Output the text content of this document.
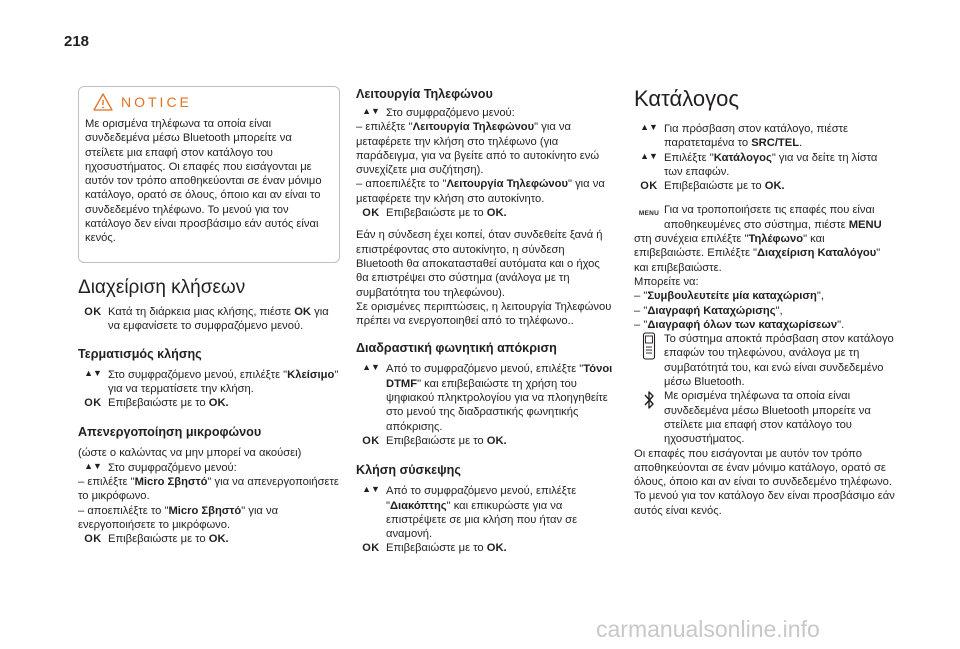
218
NOTICE

Με ορισμένα τηλέφωνα τα οποία είναι συνδεδεμένα μέσω Bluetooth μπορείτε να στείλετε μια επαφή στον κατάλογο του ηχοσυστήματος. Οι επαφές που εισάγονται με αυτόν τον τρόπο αποθηκεύονται σε έναν μόνιμο κατάλογο, ορατό σε όλους, όποιο και αν είναι το συνδεδεμένο τηλέφωνο. Το μενού για τον κατάλογο δεν είναι προσβάσιμο εάν αυτός είναι κενός.

Διαχείριση κλήσεων
OK Κατά τη διάρκεια μιας κλήσης, πιέστε OK για να εμφανίσετε το συμφραζόμενο μενού.

Τερματισμός κλήσης
▲ ▼ Στο συμφραζόμενο μενού, επιλέξτε "Κλείσιμο" για να τερματίσετε την κλήση.

OK Επιβεβαιώστε με το OK.

Απενεργοποίηση μικροφώνου

(ώστε ο καλώντας να μην μπορεί να ακούσει)

▲ ▼ Στο συμφραζόμενο μενού:

– επιλέξτε "Micro Σβηστό" για να απενεργοποιήσετε το μικρόφωνο.

– αποεπιλέξτε το "Micro Σβηστό" για να ενεργοποιήσετε το μικρόφωνο.

OK Επιβεβαιώστε με το OK.

Λειτουργία Τηλεφώνου
▲ ▼ Στο συμφραζόμενο μενού:

– επιλέξτε "Λειτουργία Τηλεφώνου" για να μεταφέρετε την κλήση στο τηλέφωνο (για παράδειγμα, για να βγείτε από το αυτοκίνητο ενώ συνεχίζετε μια συζήτηση).

– αποεπιλέξτε το "Λειτουργία Τηλεφώνου" για να μεταφέρετε την κλήση στο αυτοκίνητο.

OK Επιβεβαιώστε με το OK.

Εάν η σύνδεση έχει κοπεί, όταν συνδεθείτε ξανά ή επιστρέφοντας στο αυτοκίνητο, η σύνδεση Bluetooth θα αποκατασταθεί αυτόματα και ο ήχος θα επιστρέψει στο σύστημα (ανάλογα με τη συμβατότητα του τηλεφώνου).

Σε ορισμένες περιπτώσεις, η λειτουργία Τηλεφώνου πρέπει να ενεργοποιηθεί από το τηλέφωνο..

Διαδραστική φωνητική απόκριση
▲ ▼ Από το συμφραζόμενο μενού, επιλέξτε "Τόνοι DTMF" και επιβεβαιώστε τη χρήση του ψηφιακού πληκτρολογίου για να πλοηγηθείτε στο μενού της διαδραστικής φωνητικής απόκρισης.

OK Επιβεβαιώστε με το OK.

Κλήση σύσκεψης
▲ ▼ Από το συμφραζόμενο μενού, επιλέξτε "Διακόπτης" και επικυρώστε για να επιστρέψετε σε μια κλήση που ήταν σε αναμονή.

OK Επιβεβαιώστε με το OK.

Κατάλογος
▲ ▼ Για πρόσβαση στον κατάλογο, πιέστε παρατεταμένα το SRC/TEL.

▲ ▼ Επιλέξτε "Κατάλογος" για να δείτε τη λίστα των επαφών.

OK Επιβεβαιώστε με το OK.

MENU Για να τροποποιήσετε τις επαφές που είναι αποθηκευμένες στο σύστημα, πιέστε MENU

στη συνέχεια επιλέξτε "Τηλέφωνο" και επιβεβαιώστε. Επιλέξτε "Διαχείριση Καταλόγου" και επιβεβαιώστε.

Μπορείτε να:

– "Συμβουλευτείτε μία καταχώριση",

– "Διαγραφή Καταχώρισης",

– "Διαγραφή όλων των καταχωρίσεων".

Το σύστημα αποκτά πρόσβαση στον κατάλογο επαφών του τηλεφώνου, ανάλογα με τη συμβατότητά του, και ενώ είναι συνδεδεμένο μέσω Bluetooth.

Με ορισμένα τηλέφωνα τα οποία είναι συνδεδεμένα μέσω Bluetooth μπορείτε να στείλετε μια επαφή στον κατάλογο του ηχοσυστήματος.

Οι επαφές που εισάγονται με αυτόν τον τρόπο αποθηκεύονται σε έναν μόνιμο κατάλογο, ορατό σε όλους, όποιο και αν είναι το συνδεδεμένο τηλέφωνο.

Το μενού για τον κατάλογο δεν είναι προσβάσιμο εάν αυτός είναι κενός.

carmanualsonline.info
